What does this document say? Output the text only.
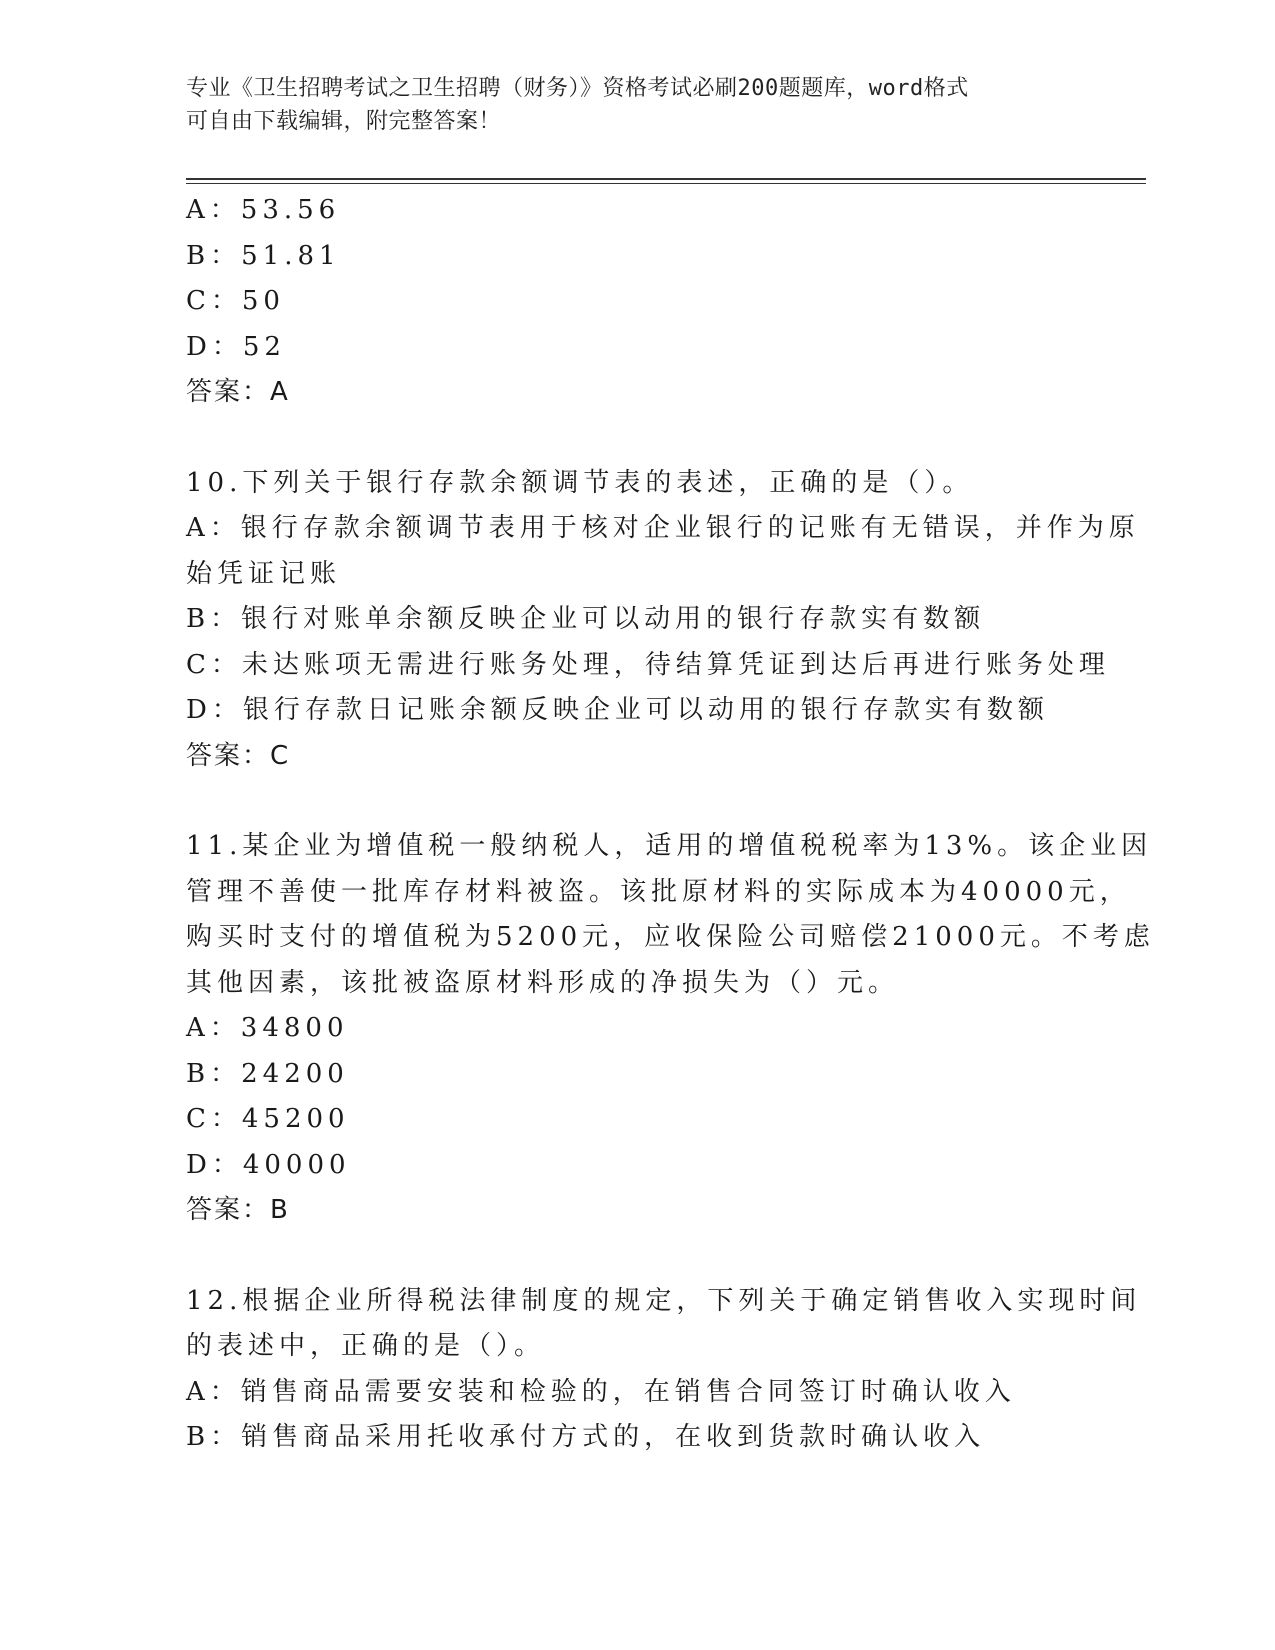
专业《卫生招聘考试之卫生招聘（财务）》资格考试必刷200题题库，word格式
可自由下载编辑，附完整答案！
A：53.56
B：51.81
C：50
D：52
答案：A
10.下列关于银行存款余额调节表的表述，正确的是（）。
A：银行存款余额调节表用于核对企业银行的记账有无错误，并作为原
始凭证记账
B：银行对账单余额反映企业可以动用的银行存款实有数额
C：未达账项无需进行账务处理，待结算凭证到达后再进行账务处理
D：银行存款日记账余额反映企业可以动用的银行存款实有数额
答案：C
11.某企业为增值税一般纳税人，适用的增值税税率为13%。该企业因
管理不善使一批库存材料被盗。该批原材料的实际成本为40000元，
购买时支付的增值税为5200元，应收保险公司赔偿21000元。不考虑
其他因素，该批被盗原材料形成的净损失为（）元。
A：34800
B：24200
C：45200
D：40000
答案：B
12.根据企业所得税法律制度的规定，下列关于确定销售收入实现时间
的表述中，正确的是（）。
A：销售商品需要安装和检验的，在销售合同签订时确认收入
B：销售商品采用托收承付方式的，在收到货款时确认收入
